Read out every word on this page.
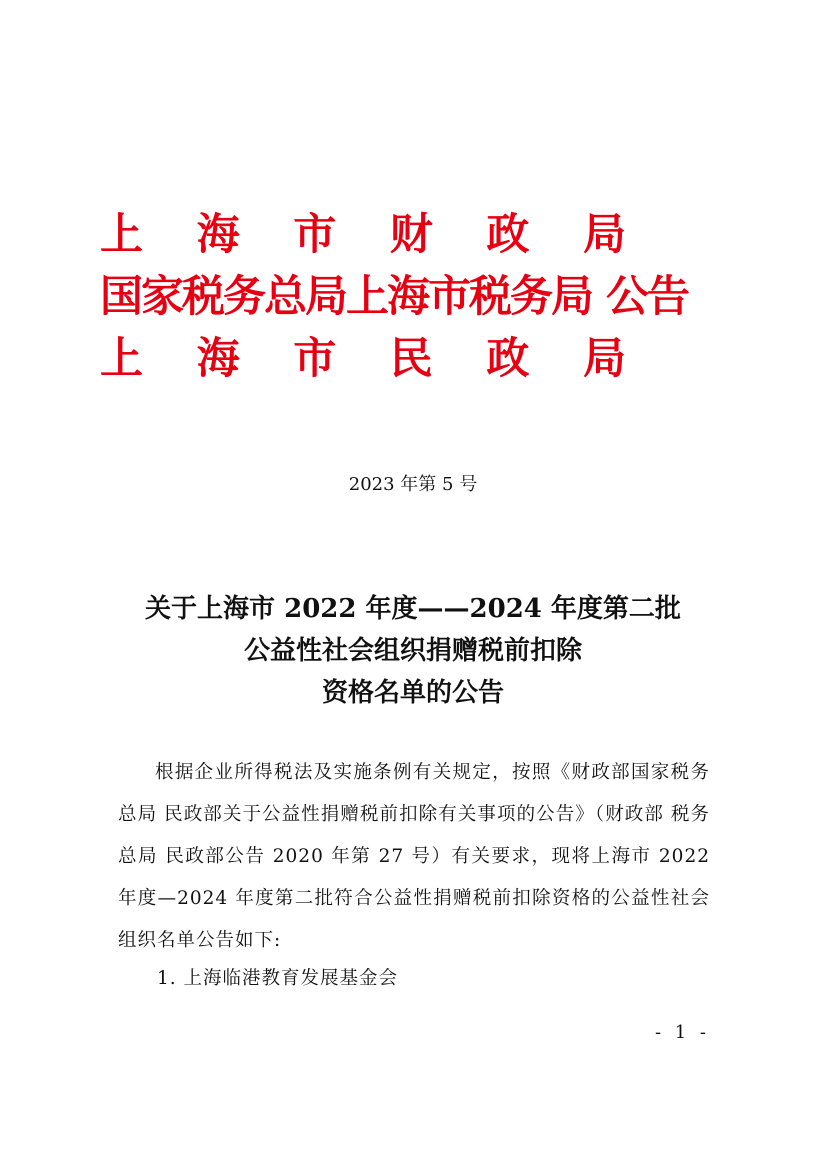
上 海 市 财 政 局
国家税务总局上海市税务局 公告
上 海 市 民 政 局
2023 年第 5 号
关于上海市 2022 年度——2024 年度第二批
公益性社会组织捐赠税前扣除
资格名单的公告

根据企业所得税法及实施条例有关规定，按照《财政部国家税务总局 民政部关于公益性捐赠税前扣除有关事项的公告》（财政部 税务总局 民政部公告 2020 年第 27 号）有关要求，现将上海市 2022 年度—2024 年度第二批符合公益性捐赠税前扣除资格的公益性社会组织名单公告如下:

1. 上海临港教育发展基金会
- 1 -
